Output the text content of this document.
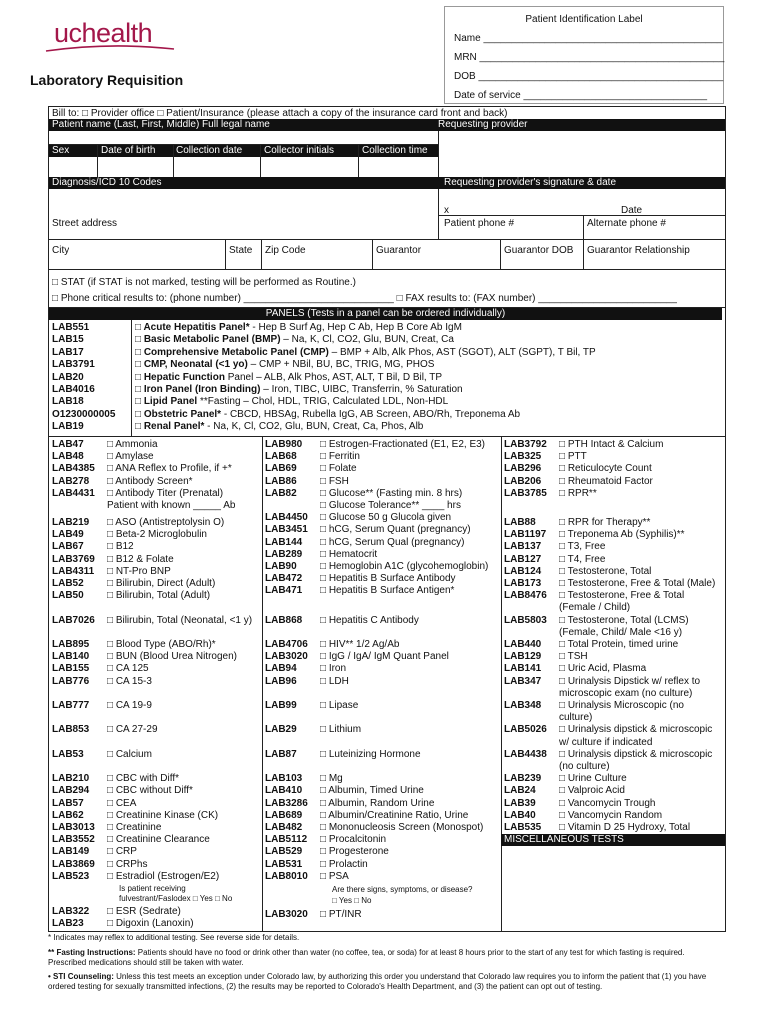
uchealth
Laboratory Requisition
Patient Identification Label
Name ___________________________________________
MRN ____________________________________________
DOB ____________________________________________
Date of service _________________________________
Bill to: □ Provider office □ Patient/Insurance (please attach a copy of the insurance card front and back)
Patient name (Last, First, Middle) Full legal name	Requesting provider
Sex	Date of birth Collection date Collector initials	Collection time
Diagnosis/ICD 10 Codes	Requesting provider's signature & date
x	Date
Street address	Patient phone #	Alternate phone #
City	State Zip Code	Guarantor	Guarantor DOB Guarantor Relationship
□ STAT (if STAT is not marked, testing will be performed as Routine.)
□ Phone critical results to: (phone number) ___________________________ □ FAX results to: (FAX number) _________________________
PANELS (Tests in a panel can be ordered individually)
LAB551	□ Acute Hepatitis Panel* - Hep B Surf Ag, Hep C Ab, Hep B Core Ab IgM
LAB15	□ Basic Metabolic Panel (BMP) – Na, K, Cl, CO2, Glu, BUN, Creat, Ca
LAB17	□ Comprehensive Metabolic Panel (CMP) – BMP + Alb, Alk Phos, AST (SGOT), ALT (SGPT), T Bil, TP
LAB3791	□ CMP, Neonatal (<1 yo) – CMP + NBil, BU, BC, TRIG, MG, PHOS
LAB20	□ Hepatic Function Panel – ALB, Alk Phos, AST, ALT, T Bil, D Bil, TP
LAB4016	□ Iron Panel (Iron Binding) – Iron, TIBC, UIBC, Transferrin, % Saturation
LAB18	□ Lipid Panel **Fasting – Chol, HDL, TRIG, Calculated LDL, Non-HDL
O1230000005 □ Obstetric Panel* - CBCD, HBSAg, Rubella IgG, AB Screen, ABO/Rh, Treponema Ab
LAB19	□ Renal Panel* - Na, K, Cl, CO2, Glu, BUN, Creat, Ca, Phos, Alb
LAB47 □ Ammonia
LAB48 □ Amylase
LAB4385 □ ANA Reflex to Profile, if +*
LAB278 □ Antibody Screen*
LAB4431 □ Antibody Titer (Prenatal)
Patient with known _____ Ab
LAB219 □ ASO (Antistreptolysin O)
LAB49 □ Beta-2 Microglobulin
LAB67 □ B12
LAB3769 □ B12 & Folate
LAB4311 □ NT-Pro BNP
LAB52 □ Bilirubin, Direct (Adult)
LAB50 □ Bilirubin, Total (Adult)
LAB7026 □ Bilirubin, Total (Neonatal, <1 y)
LAB895 □ Blood Type (ABO/Rh)*
LAB140 □ BUN (Blood Urea Nitrogen)
LAB155 □ CA 125
LAB776 □ CA 15-3
LAB777 □ CA 19-9
LAB853 □ CA 27-29
LAB53 □ Calcium
LAB210 □ CBC with Diff*
LAB294 □ CBC without Diff*
LAB57 □ CEA
LAB62 □ Creatinine Kinase (CK)
LAB3013 □ Creatinine
LAB3552 □ Creatinine Clearance
LAB149 □ CRP
LAB3869 □ CRPhs
LAB523 □ Estradiol (Estrogen/E2)
LAB322 □ ESR (Sedrate)
LAB23 □ Digoxin (Lanoxin)
Is patient receiving
fulvestrant/Faslodex □ Yes □ No
LAB980 □ Estrogen-Fractionated (E1, E2, E3)
LAB68 □ Ferritin
LAB69 □ Folate
LAB86 □ FSH
LAB82 □ Glucose** (Fasting min. 8 hrs)
□ Glucose Tolerance** ____ hrs
LAB4450 □ Glucose 50 g Glucola given
LAB3451 □ hCG, Serum Quant (pregnancy)
LAB144 □ hCG, Serum Qual (pregnancy)
LAB289 □ Hematocrit
LAB90 □ Hemoglobin A1C (glycohemoglobin)
LAB472 □ Hepatitis B Surface Antibody
LAB471 □ Hepatitis B Surface Antigen*
LAB868 □ Hepatitis C Antibody
LAB4706 □ HIV** 1/2 Ag/Ab
LAB3020 □ IgG / IgA/ IgM Quant Panel
LAB94 □ Iron
LAB96 □ LDH
LAB99 □ Lipase
LAB29 □ Lithium
LAB87 □ Luteinizing Hormone
LAB103 □ Mg
LAB410 □ Albumin, Timed Urine
LAB3286 □ Albumin, Random Urine
LAB689 □ Albumin/Creatinine Ratio, Urine
LAB482 □ Mononucleosis Screen (Monospot)
LAB5112 □ Procalcitonin
LAB529 □ Progesterone
LAB531 □ Prolactin
LAB8010 □ PSA
LAB3020 □ PT/INR
Are there signs, symptoms, or disease?
□ Yes □ No
LAB3792 □ PTH Intact & Calcium
LAB325 □ PTT
LAB296 □ Reticulocyte Count
LAB206 □ Rheumatoid Factor
LAB3785 □ RPR**
LAB88 □ RPR for Therapy**
LAB1197 □ Treponema Ab (Syphilis)**
LAB137 □ T3, Free
LAB127 □ T4, Free
LAB124 □ Testosterone, Total
LAB173 □ Testosterone, Free & Total (Male)
LAB8476 □ Testosterone, Free & Total
(Female / Child)
LAB5803 □ Testosterone, Total (LCMS)
(Female, Child/ Male <16 y)
LAB440 □ Total Protein, timed urine
LAB129 □ TSH
LAB141 □ Uric Acid, Plasma
LAB347 □ Urinalysis Dipstick w/ reflex to
microscopic exam (no culture)
LAB348 □ Urinalysis Microscopic (no
culture)
LAB5026 □ Urinalysis dipstick & microscopic
w/ culture if indicated
LAB4438 □ Urinalysis dipstick & microscopic
(no culture)
LAB239 □ Urine Culture
LAB24 □ Valproic Acid
LAB39 □ Vancomycin Trough
LAB40 □ Vancomycin Random
LAB535 □ Vitamin D 25 Hydroxy, Total
MISCELLANEOUS TESTS
* Indicates may reflex to additional testing. See reverse side for details.
** Fasting Instructions: Patients should have no food or drink other than water (no coffee, tea, or soda) for at least 8 hours prior to the start of any test for which fasting is required.
Prescribed medications should still be taken with water.
• STI Counseling: Unless this test meets an exception under Colorado law, by authorizing this order you understand that Colorado law requires you to inform the patient that (1) you have
ordered testing for sexually transmitted infections, (2) the results may be reported to Colorado's Health Department, and (3) the patient can opt out of testing.
